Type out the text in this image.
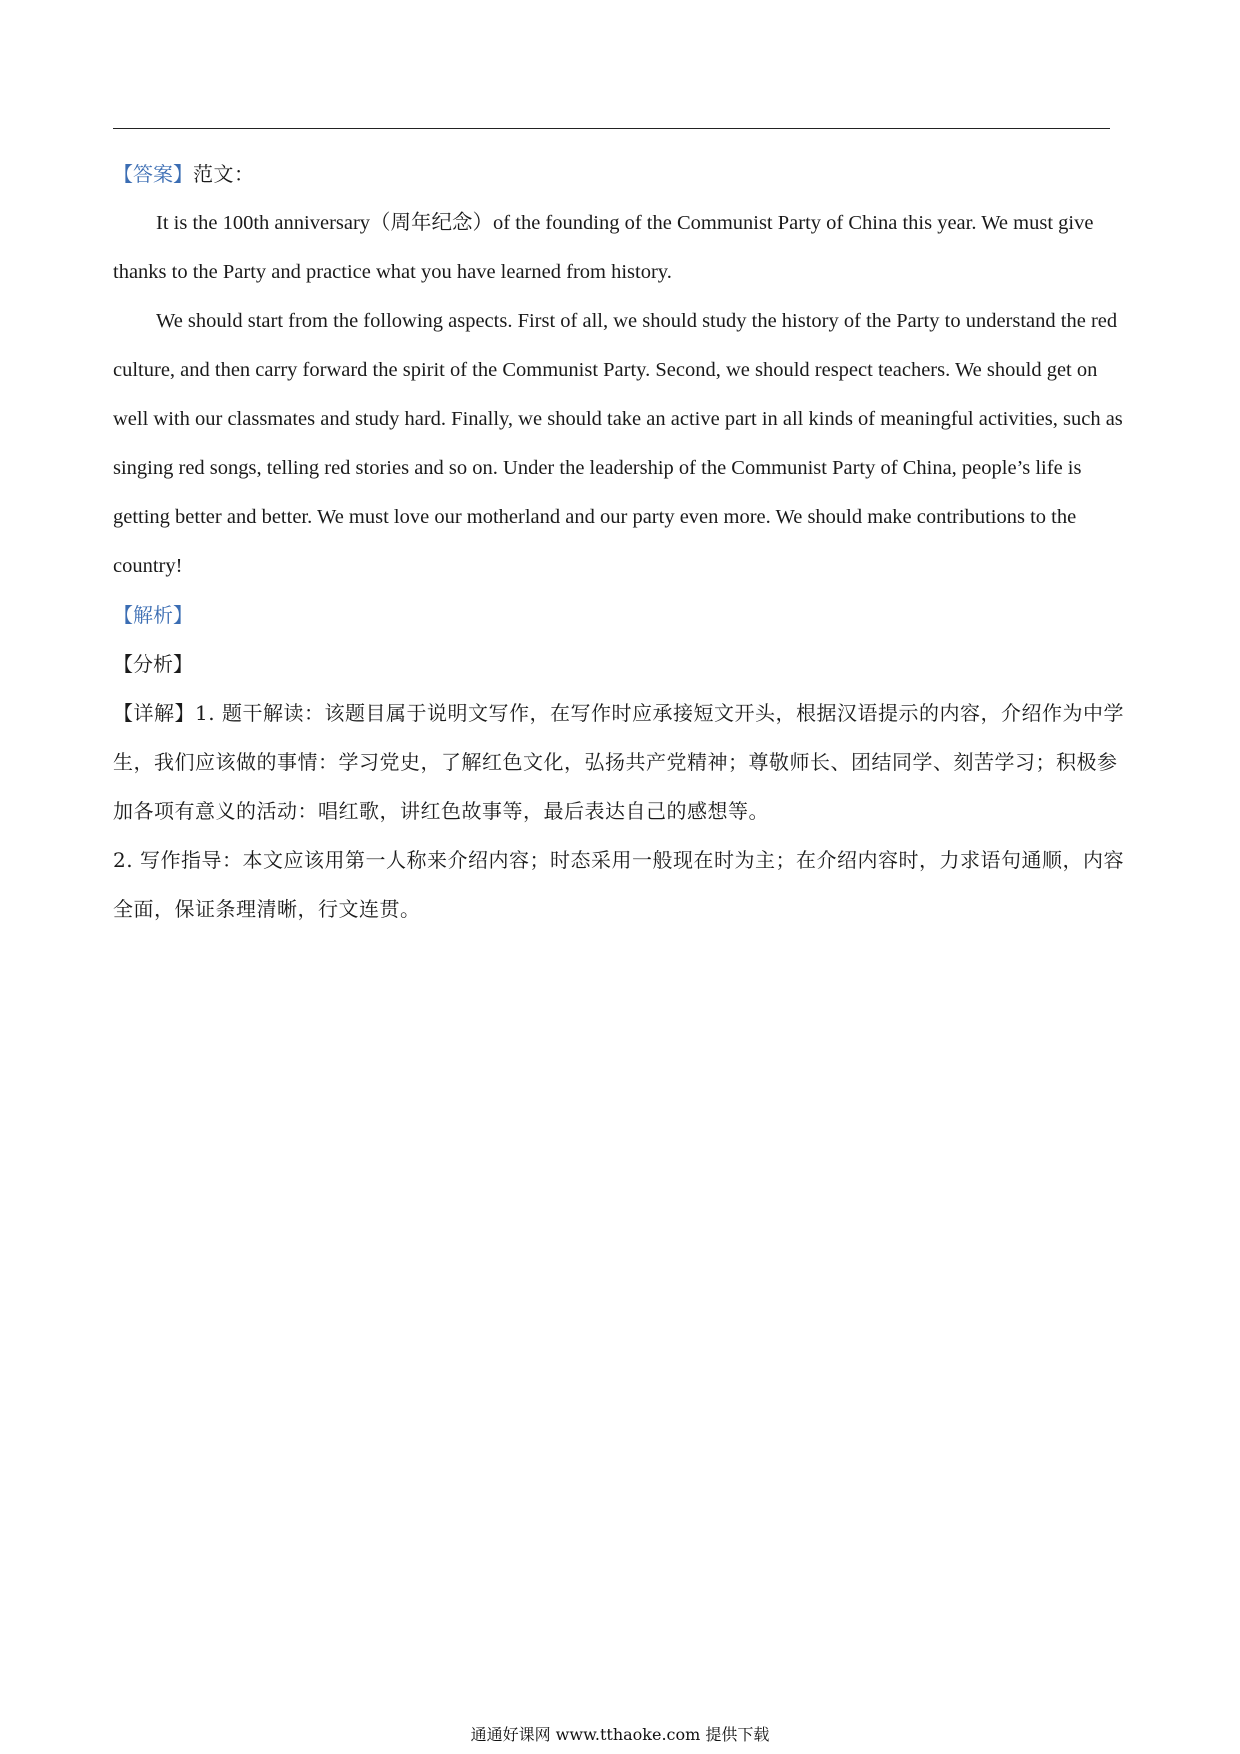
【答案】范文：

It is the 100th anniversary（周年纪念）of the founding of the Communist Party of China this year. We must give thanks to the Party and practice what you have learned from history.

We should start from the following aspects. First of all, we should study the history of the Party to understand the red culture, and then carry forward the spirit of the Communist Party. Second, we should respect teachers. We should get on well with our classmates and study hard. Finally, we should take an active part in all kinds of meaningful activities, such as singing red songs, telling red stories and so on. Under the leadership of the Communist Party of China, people’s life is getting better and better. We must love our motherland and our party even more. We should make contributions to the country!

【解析】

【分析】

【详解】1. 题干解读：该题目属于说明文写作，在写作时应承接短文开头，根据汉语提示的内容，介绍作为中学生，我们应该做的事情：学习党史，了解红色文化，弘扬共产党精神；尊敬师长、团结同学、刻苦学习；积极参加各项有意义的活动：唱红歌，讲红色故事等，最后表达自己的感想等。

2. 写作指导：本文应该用第一人称来介绍内容；时态采用一般现在时为主；在介绍内容时，力求语句通顺，内容全面，保证条理清晰，行文连贯。

通通好课网 www.tthaoke.com 提供下载
